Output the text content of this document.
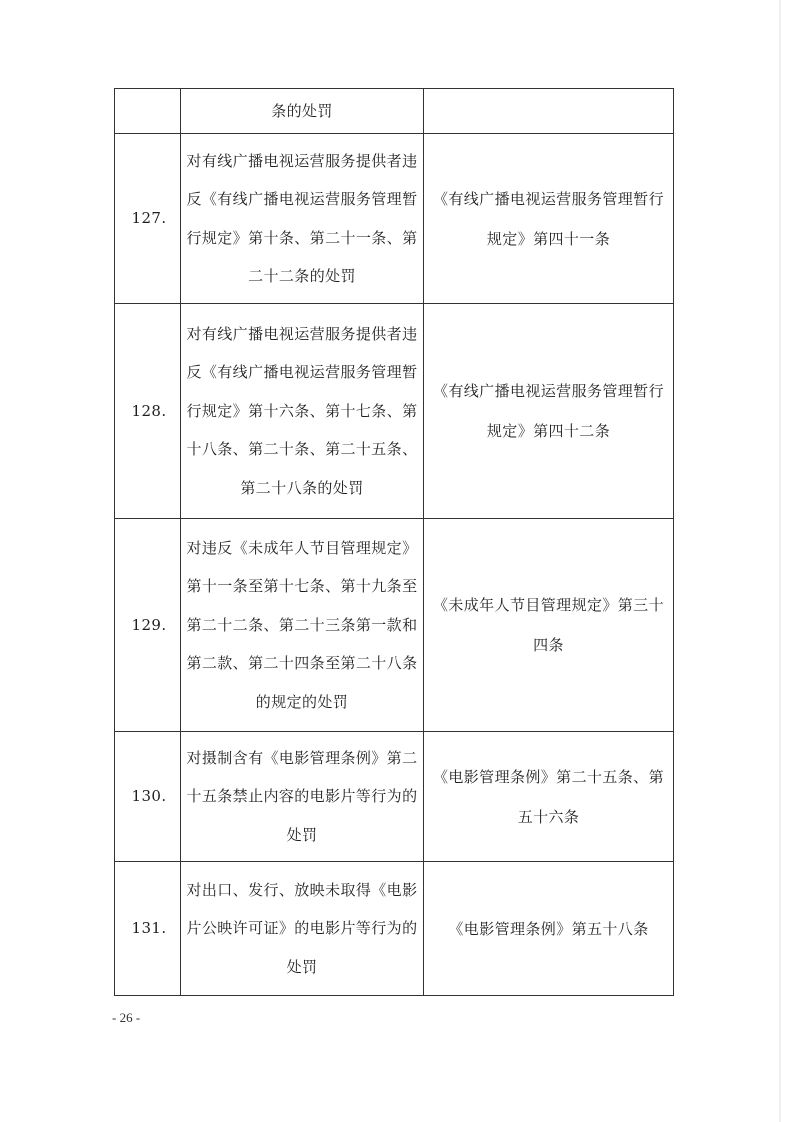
	条的处罚	

127.	对有线广播电视运营服务提供者违反《有线广播电视运营服务管理暂行规定》第十条、第二十一条、第二十二条的处罚	《有线广播电视运营服务管理暂行规定》第四十一条

128.	对有线广播电视运营服务提供者违反《有线广播电视运营服务管理暂行规定》第十六条、第十七条、第十八条、第二十条、第二十五条、第二十八条的处罚	《有线广播电视运营服务管理暂行规定》第四十二条

129.	对违反《未成年人节目管理规定》第十一条至第十七条、第十九条至第二十二条、第二十三条第一款和第二款、第二十四条至第二十八条的规定的处罚	《未成年人节目管理规定》第三十四条

130.	对摄制含有《电影管理条例》第二十五条禁止内容的电影片等行为的处罚	《电影管理条例》第二十五条、第五十六条

131.	对出口、发行、放映未取得《电影片公映许可证》的电影片等行为的处罚	《电影管理条例》第五十八条
- 26 -
